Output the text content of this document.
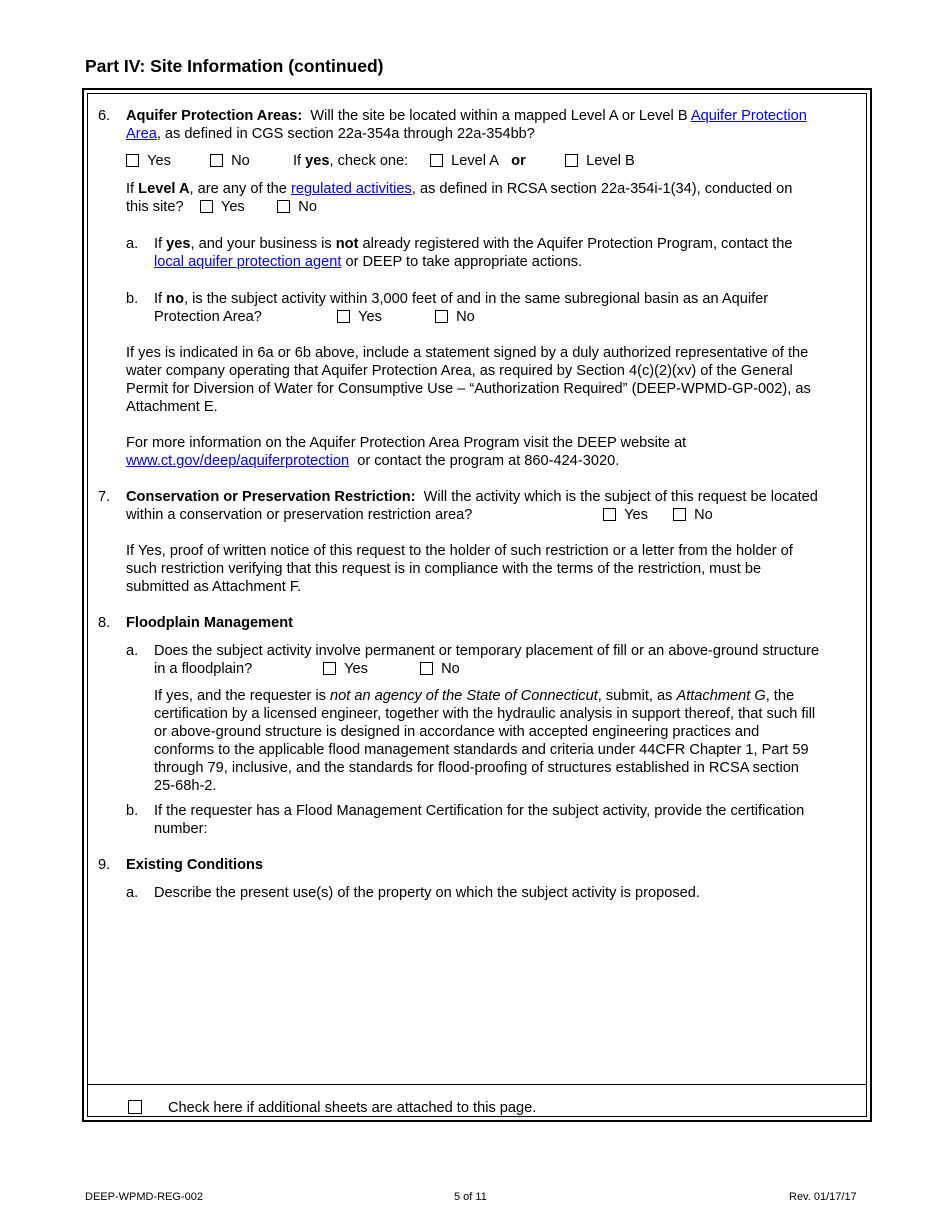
Part IV: Site Information (continued)
6. Aquifer Protection Areas: Will the site be located within a mapped Level A or Level B Aquifer Protection
Area, as defined in CGS section 22a-354a through 22a-354bb?
Yes	No	If yes, check one:	Level A or	Level B
If Level A, are any of the regulated activities, as defined in RCSA section 22a-354i-1(34), conducted on
this site?	Yes	No
a. If yes, and your business is not already registered with the Aquifer Protection Program, contact the
local aquifer protection agent or DEEP to take appropriate actions.
b. If no, is the subject activity within 3,000 feet of and in the same subregional basin as an Aquifer
Protection Area?	Yes	No
If yes is indicated in 6a or 6b above, include a statement signed by a duly authorized representative of the
water company operating that Aquifer Protection Area, as required by Section 4(c)(2)(xv) of the General
Permit for Diversion of Water for Consumptive Use – “Authorization Required” (DEEP-WPMD-GP-002), as
Attachment E.
For more information on the Aquifer Protection Area Program visit the DEEP website at
www.ct.gov/deep/aquiferprotection or contact the program at 860-424-3020.
7. Conservation or Preservation Restriction: Will the activity which is the subject of this request be located
within a conservation or preservation restriction area?	Yes	No
If Yes, proof of written notice of this request to the holder of such restriction or a letter from the holder of
such restriction verifying that this request is in compliance with the terms of the restriction, must be
submitted as Attachment F.
8. Floodplain Management
a. Does the subject activity involve permanent or temporary placement of fill or an above-ground structure
in a floodplain?	Yes	No
If yes, and the requester is not an agency of the State of Connecticut, submit, as Attachment G, the
certification by a licensed engineer, together with the hydraulic analysis in support thereof, that such fill
or above-ground structure is designed in accordance with accepted engineering practices and
conforms to the applicable flood management standards and criteria under 44CFR Chapter 1, Part 59
through 79, inclusive, and the standards for flood-proofing of structures established in RCSA section
25-68h-2.
b. If the requester has a Flood Management Certification for the subject activity, provide the certification
number:
9. Existing Conditions
a. Describe the present use(s) of the property on which the subject activity is proposed.
Check here if additional sheets are attached to this page.
DEEP-WPMD-REG-002	5 of 11	Rev. 01/17/17
